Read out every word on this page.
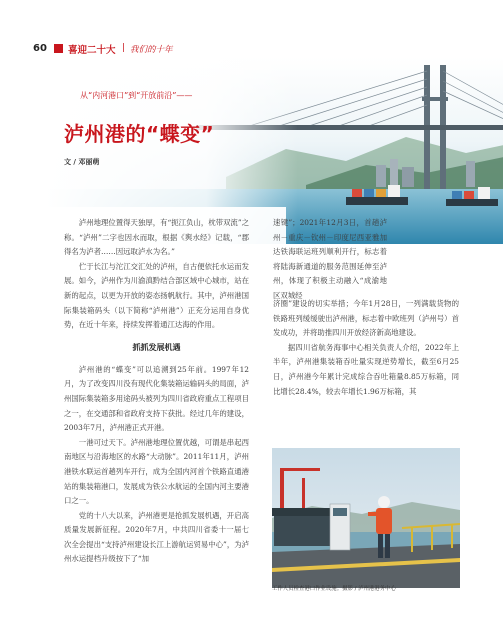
60 喜迎二十大 | 我们的十年
从“内河港口”到“开放前沿”——
泸州港的“蝶变”
文 / 邓丽萌

泸州地理位置得天独厚，有“扼江负山，枕带双流”之称。“泸州”二字也因水而取，根据《舆水经》记载，“郡得名为泸者……因远取泸水为名。”

伫于长江与沱江交汇处的泸州，自古便依托水运而发展。如今，泸州作为川渝滇黔结合部区域中心城市，站在新的起点，以更为开放的姿态扬帆航行。其中，泸州港国际集装箱码头（以下简称“泸州港”）正充分运用自身优势，在近十年来，持续发挥着通江达海的作用。

抓抓发展机遇

泸州港的“蝶变”可以追溯到25年前。1997年12月，为了改变四川没有现代化集装箱运输码头的局面，泸州国际集装箱多用途码头被列为四川省政府重点工程项目之一，在交通部和省政府支持下获批。经过几年的建设，2003年7月，泸州港正式开港。

一港可过天下。泸州港地理位置优越，可谓是串起西南地区与沿海地区的水路“大动脉”。2011年11月，泸州港铁水联运首趟列车开行，成为全国内河首个铁路直通港站的集装箱港口，发展成为铁公水航运的全国内河主要港口之一。

党的十八大以来，泸州港更是抢抓发展机遇，开启高质量发展新征程。2020年7月，中共四川省委十一届七次全会提出“支持泸州建设长江上游航运贸易中心”，为泸州水运提档升级按下了“加

速键”；2021年12月3日，首趟泸州－重庆－钦州－印度尼西亚雅加达铁海联运班列顺利开行，标志着将陆海新通道的服务范围延伸至泸州，体现了积极主动融入“成渝地区双城经

济圈”建设的切实举措；今年1月28日，一列满载货物的铁路班列缓缓驶出泸州港，标志着中欧班列（泸州号）首发成功，并将助推四川开放经济新高地建设。

据四川省航务海事中心相关负责人介绍，2022年上半年，泸州港集装箱吞吐量实现逆势增长，截至6月25日，泸州港今年累计完成综合吞吐箱量8.85万标箱，同比增长28.4%，较去年增长1.96万标箱，其

工作人员检查港口作业设施。摄影 / 泸州港港务中心
